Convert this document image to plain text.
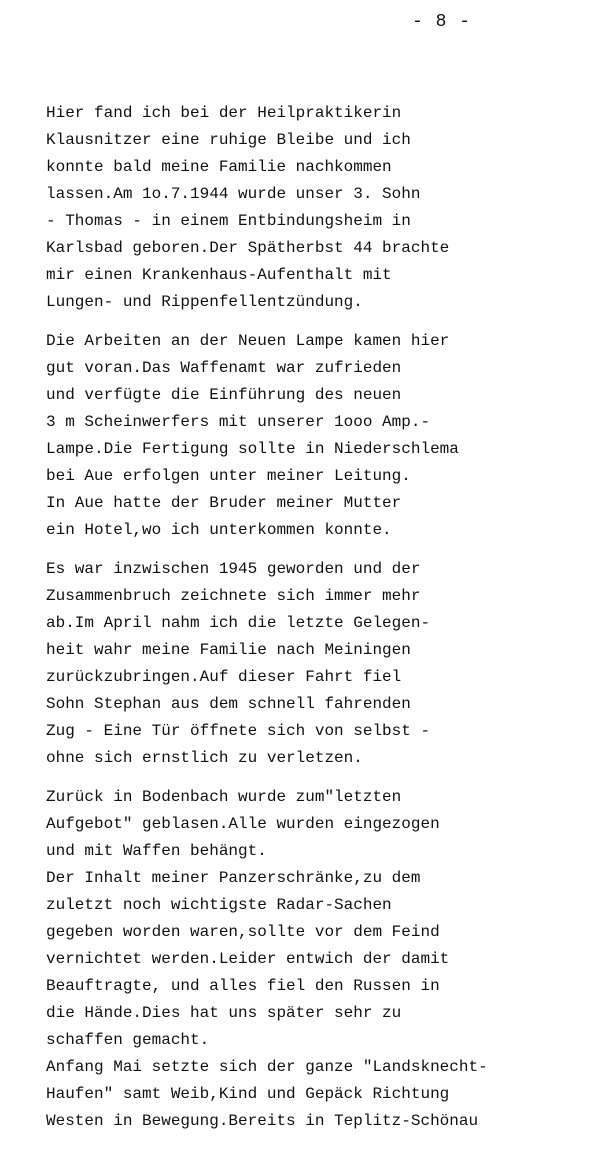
- 8 -
Hier fand ich bei der Heilpraktikerin
Klausnitzer eine ruhige Bleibe und ich
konnte bald meine Familie nachkommen
lassen.Am 1o.7.1944 wurde unser 3. Sohn
- Thomas - in einem Entbindungsheim in
Karlsbad geboren.Der Spätherbst 44 brachte
mir einen Krankenhaus-Aufenthalt mit
Lungen- und Rippenfellentzündung.
Die Arbeiten an der Neuen Lampe kamen hier
gut voran.Das Waffenamt war zufrieden
und verfügte die Einführung des neuen
3 m Scheinwerfers mit unserer 1ooo Amp.-
Lampe.Die Fertigung sollte in Niederschlema
bei Aue erfolgen unter meiner Leitung.
In Aue hatte der Bruder meiner Mutter
ein Hotel,wo ich unterkommen konnte.
Es war inzwischen 1945 geworden und der
Zusammenbruch zeichnete sich immer mehr
ab.Im April nahm ich die letzte Gelegen-
heit wahr meine Familie nach Meiningen
zurückzubringen.Auf dieser Fahrt fiel
Sohn Stephan aus dem schnell fahrenden
Zug - Eine Tür öffnete sich von selbst -
ohne sich ernstlich zu verletzen.
Zurück in Bodenbach wurde zum"letzten
Aufgebot" geblasen.Alle wurden eingezogen
und mit Waffen behängt.
Der Inhalt meiner Panzerschränke,zu dem
zuletzt noch wichtigste Radar-Sachen
gegeben worden waren,sollte vor dem Feind
vernichtet werden.Leider entwich der damit
Beauftragte, und alles fiel den Russen in
die Hände.Dies hat uns später sehr zu
schaffen gemacht.
Anfang Mai setzte sich der ganze "Landsknecht-
Haufen" samt Weib,Kind und Gepäck Richtung
Westen in Bewegung.Bereits in Teplitz-Schönau
